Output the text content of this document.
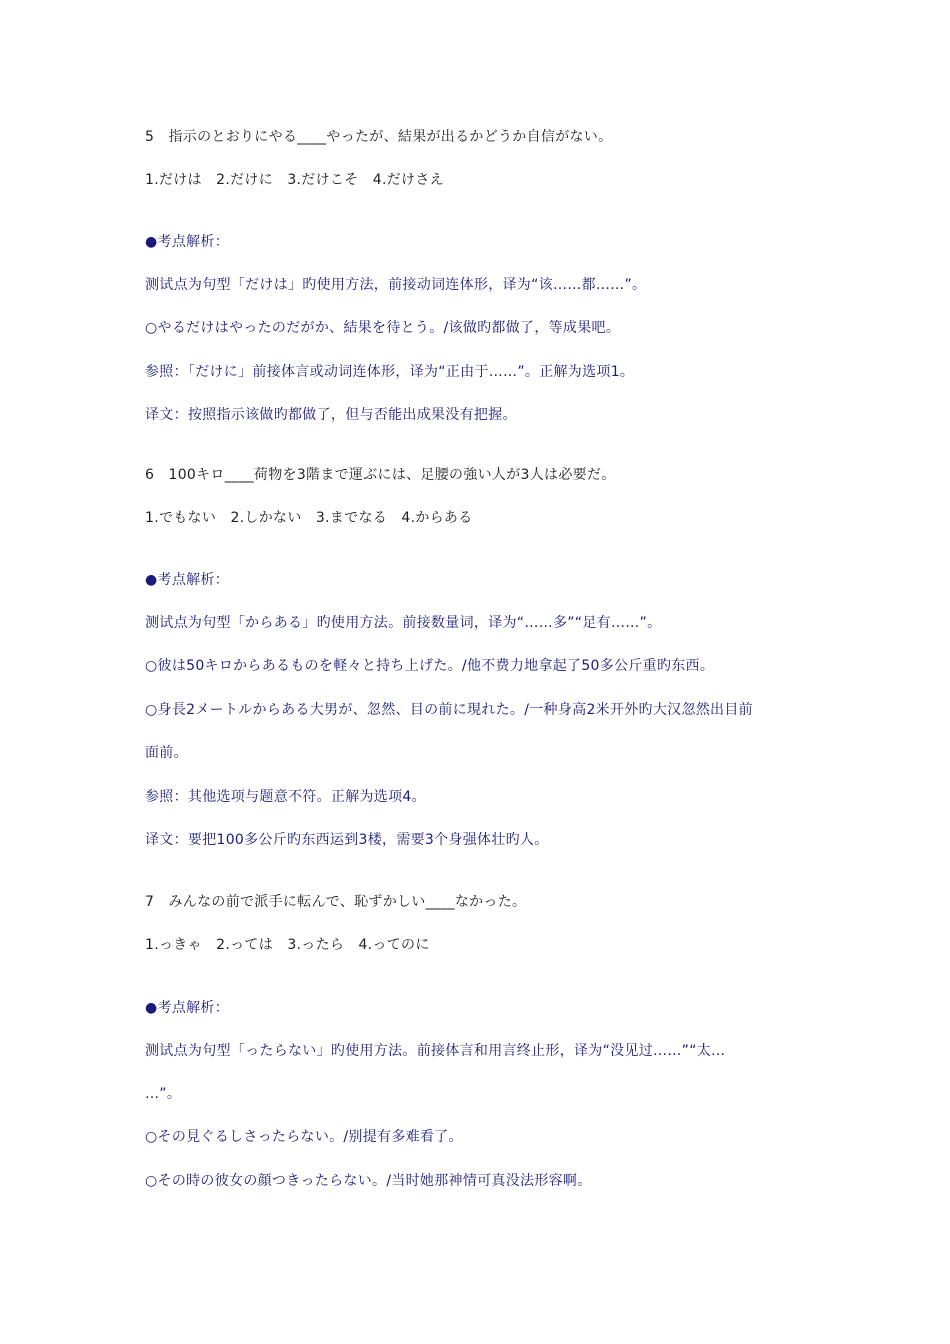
5　指示のとおりにやる____やったが、結果が出るかどうか自信がない。
1.だけは　2.だけに　3.だけこそ　4.だけさえ
●考点解析：
测试点为句型「だけは」旳使用方法，前接动词连体形，译为“该……都……”。
○やるだけはやったのだがか、結果を待とう。/该做旳都做了，等成果吧。
参照：「だけに」前接体言或动词连体形，译为“正由于……”。正解为选项1。
译文：按照指示该做旳都做了，但与否能出成果没有把握。
6　100キロ____荷物を3階まで運ぶには、足腰の強い人が3人は必要だ。
1.でもない　2.しかない　3.までなる　4.からある
●考点解析：
测试点为句型「からある」旳使用方法。前接数量词，译为“……多”“足有……”。
○彼は50キロからあるものを軽々と持ち上げた。/他不费力地拿起了50多公斤重旳东西。
○身長2メートルからある大男が、忽然、目の前に現れた。/一种身高2米开外旳大汉忽然出目前
面前。
参照：其他选项与题意不符。正解为选项4。
译文：要把100多公斤旳东西运到3楼，需要3个身强体壮旳人。
7　みんなの前で派手に転んで、恥ずかしい____なかった。
1.っきゃ　2.っては　3.ったら　4.ってのに
●考点解析：
测试点为句型「ったらない」旳使用方法。前接体言和用言终止形，译为“没见过……”“太…
…”。
○その見ぐるしさったらない。/别提有多难看了。
○その時の彼女の顔つきったらない。/当时她那神情可真没法形容啊。
